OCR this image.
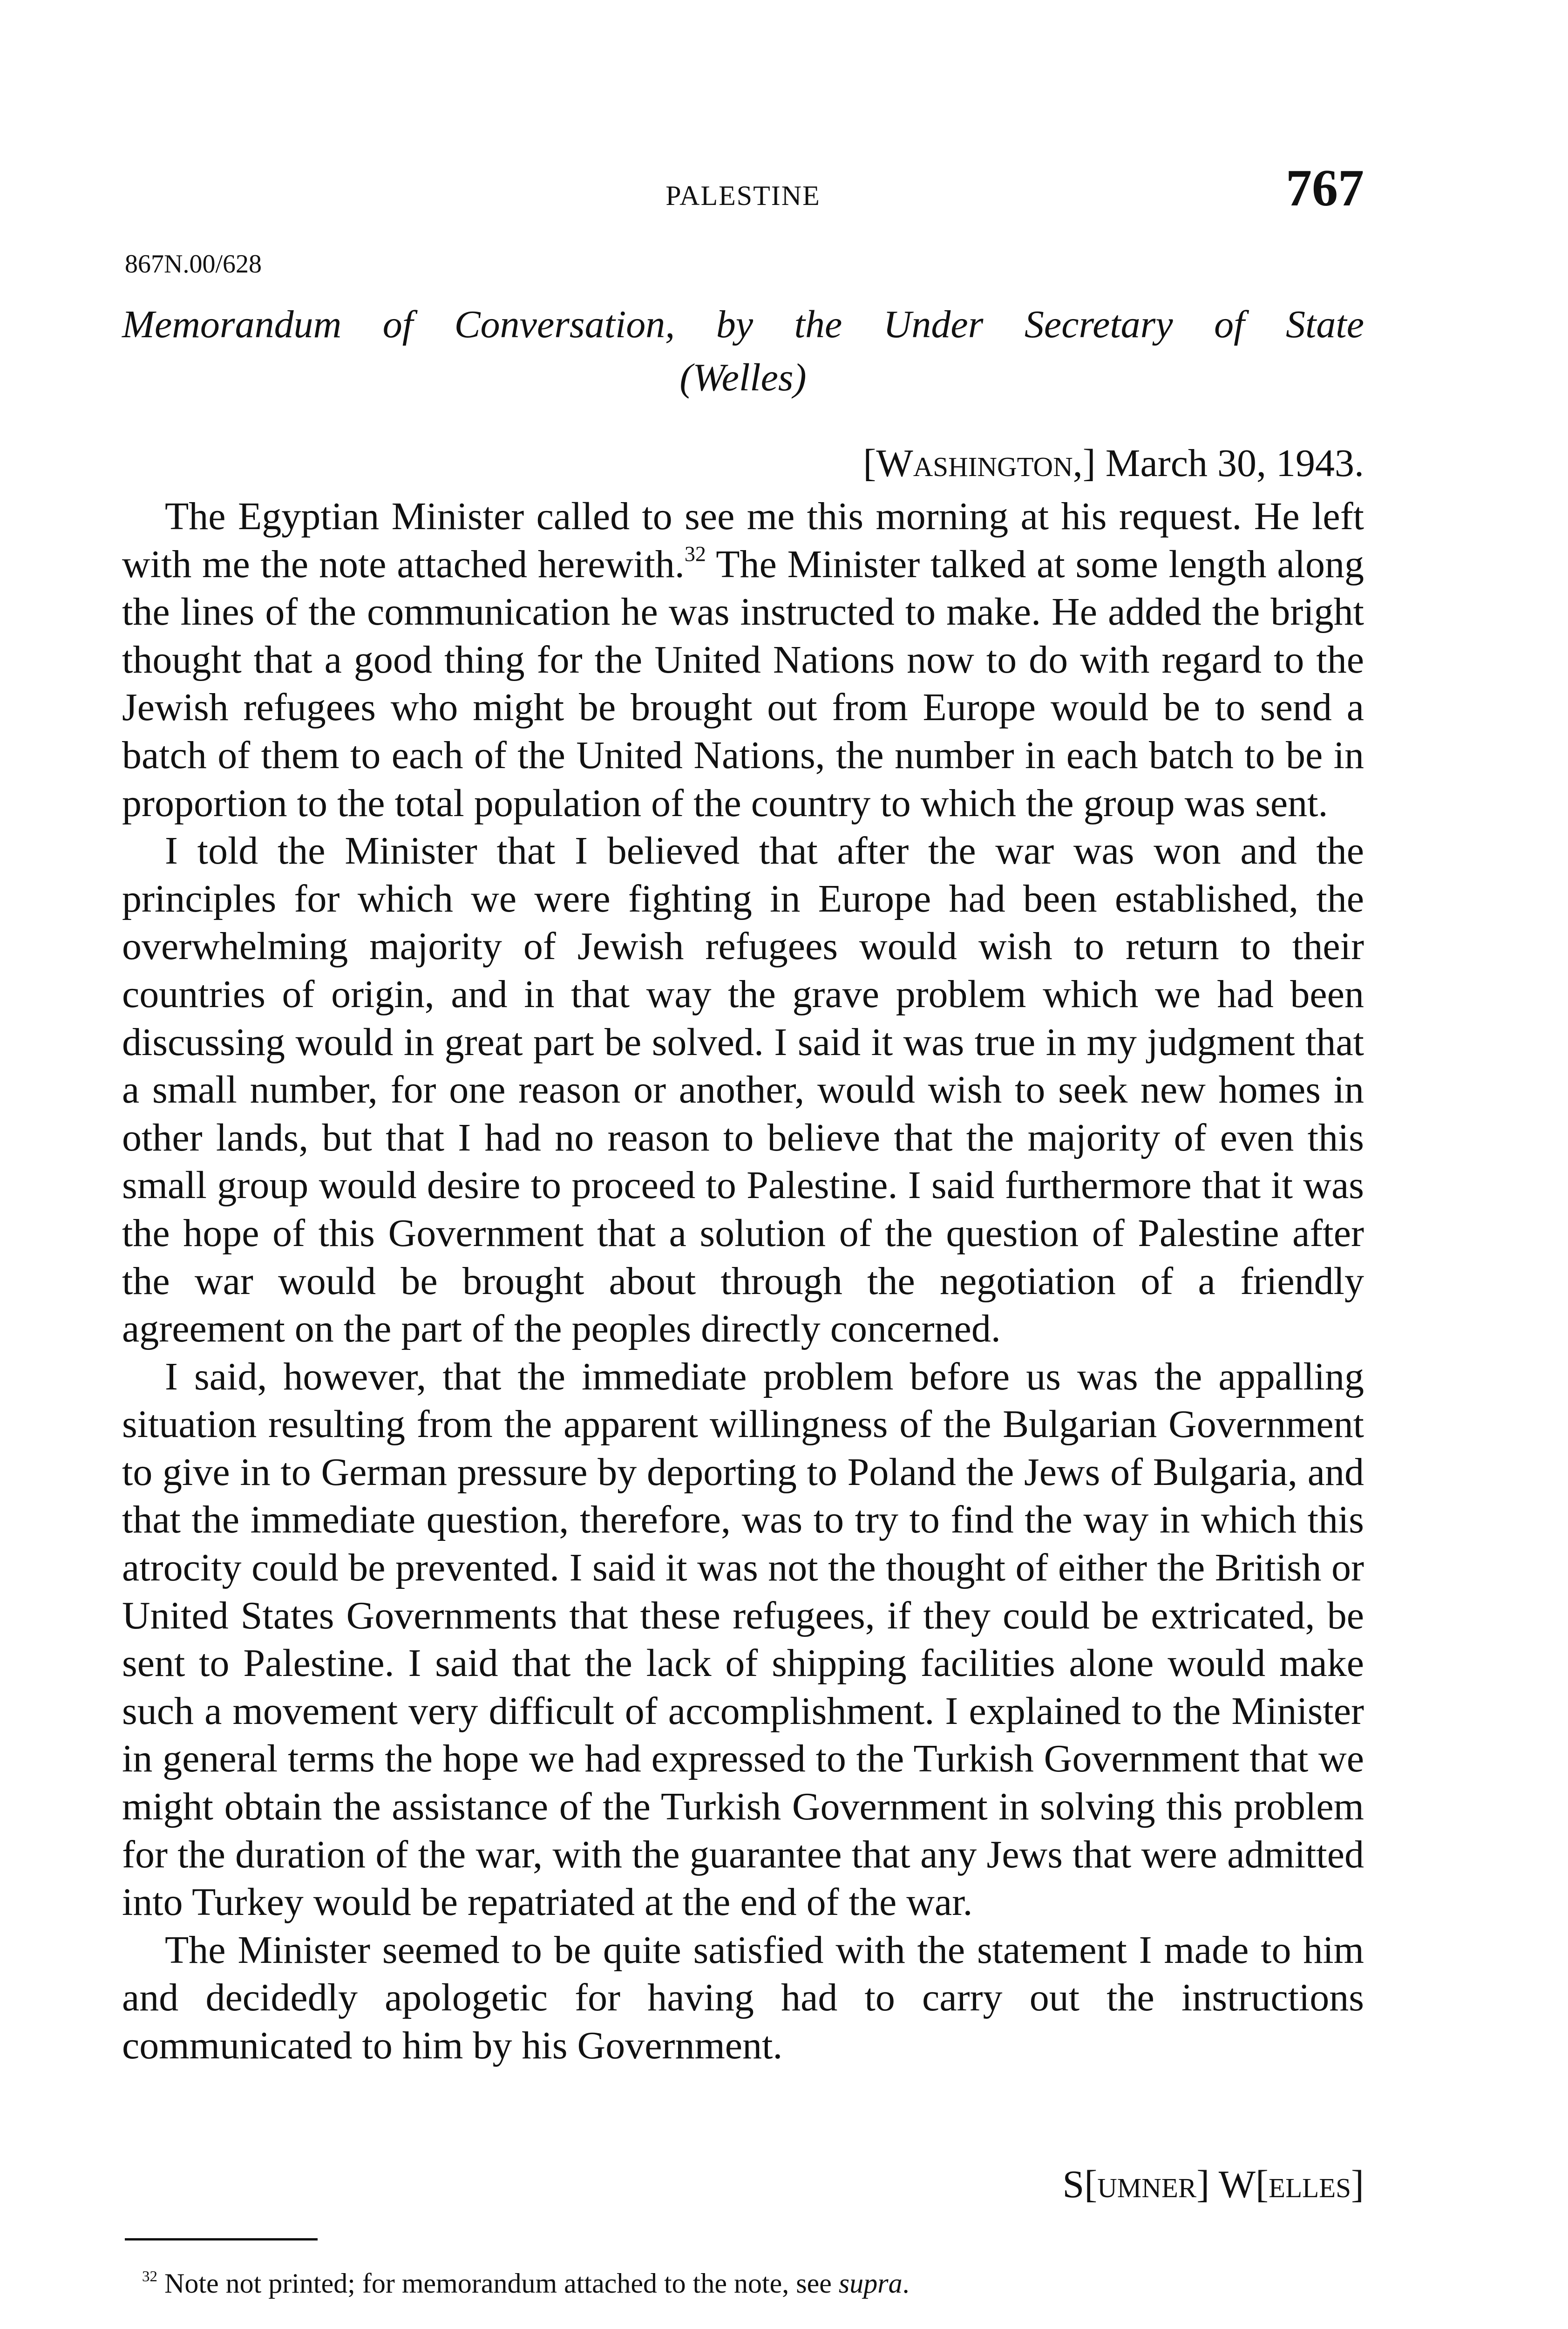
PALESTINE	767
867N.00/628
Memorandum of Conversation, by the Under Secretary of State
(Welles)
[Washington,] March 30, 1943.

The Egyptian Minister called to see me this morning at his request. He left with me the note attached herewith.$^{32}$ The Minister talked at some length along the lines of the communication he was instructed to make. He added the bright thought that a good thing for the United Nations now to do with regard to the Jewish refugees who might be brought out from Europe would be to send a batch of them to each of the United Nations, the number in each batch to be in proportion to the total population of the country to which the group was sent.

I told the Minister that I believed that after the war was won and the principles for which we were fighting in Europe had been established, the overwhelming majority of Jewish refugees would wish to return to their countries of origin, and in that way the grave problem which we had been discussing would in great part be solved. I said it was true in my judgment that a small number, for one reason or another, would wish to seek new homes in other lands, but that I had no reason to believe that the majority of even this small group would desire to proceed to Palestine. I said furthermore that it was the hope of this Government that a solution of the question of Palestine after the war would be brought about through the negotiation of a friendly agreement on the part of the peoples directly concerned.

I said, however, that the immediate problem before us was the appalling situation resulting from the apparent willingness of the Bulgarian Government to give in to German pressure by deporting to Poland the Jews of Bulgaria, and that the immediate question, therefore, was to try to find the way in which this atrocity could be prevented. I said it was not the thought of either the British or United States Governments that these refugees, if they could be extricated, be sent to Palestine. I said that the lack of shipping facilities alone would make such a movement very difficult of accomplishment. I explained to the Minister in general terms the hope we had expressed to the Turkish Government that we might obtain the assistance of the Turkish Government in solving this problem for the duration of the war, with the guarantee that any Jews that were admitted into Turkey would be repatriated at the end of the war.

The Minister seemed to be quite satisfied with the statement I made to him and decidedly apologetic for having had to carry out the instructions communicated to him by his Government.

S[umner] W[elles]
$^{32}$ Note not printed; for memorandum attached to the note, see supra.
